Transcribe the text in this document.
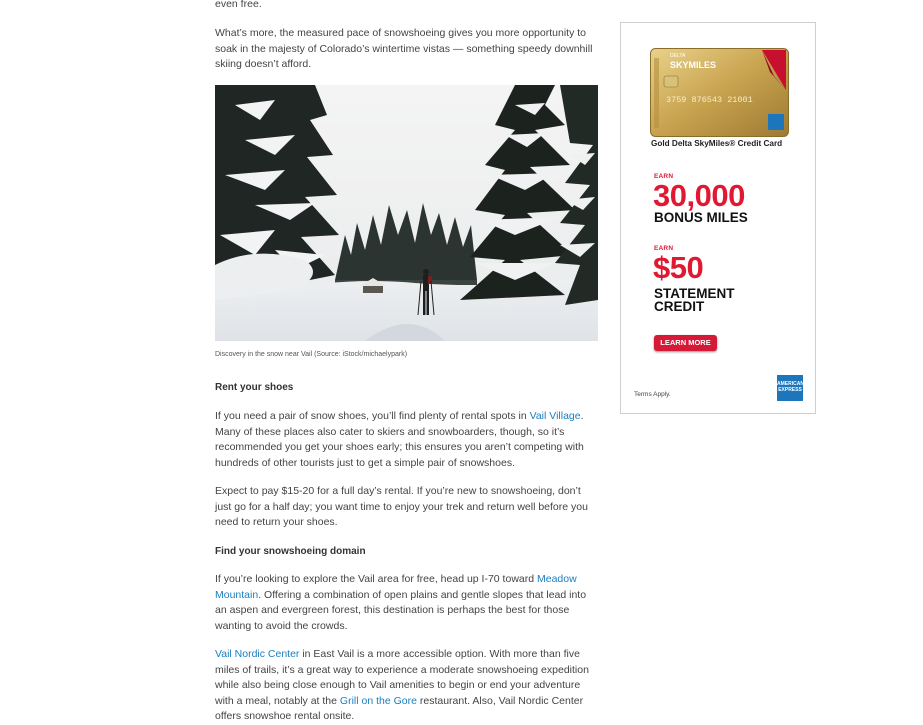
even free.

What’s more, the measured pace of snowshoeing gives you more opportunity to soak in the majesty of Colorado’s wintertime vistas — something speedy downhill skiing doesn’t afford.

Discovery in the snow near Vail (Source: iStock/michaelypark)

Rent your shoes

If you need a pair of snow shoes, you’ll find plenty of rental spots in Vail Village. Many of these places also cater to skiers and snowboarders, though, so it’s recommended you get your shoes early; this ensures you aren’t competing with hundreds of other tourists just to get a simple pair of snowshoes.

Expect to pay $15-20 for a full day’s rental. If you’re new to snowshoeing, don’t just go for a half day; you want time to enjoy your trek and return well before you need to return your shoes.

Find your snowshoeing domain

If you’re looking to explore the Vail area for free, head up I-70 toward Meadow Mountain. Offering a combination of open plains and gentle slopes that lead into an aspen and evergreen forest, this destination is perhaps the best for those wanting to avoid the crowds.

Vail Nordic Center in East Vail is a more accessible option. With more than five miles of trails, it’s a great way to experience a moderate snowshoeing expedition while also being close enough to Vail amenities to begin or end your adventure with a meal, notably at the Grill on the Gore restaurant. Also, Vail Nordic Center offers snowshoe rental onsite.

DELTA
SKYMILES
3759 876543 21001
Gold Delta SkyMiles® Credit Card
EARN
30,000
BONUS MILES
EARN
$50
STATEMENT
CREDIT
LEARN MORE
Terms Apply.
AMERICAN
EXPRESS
